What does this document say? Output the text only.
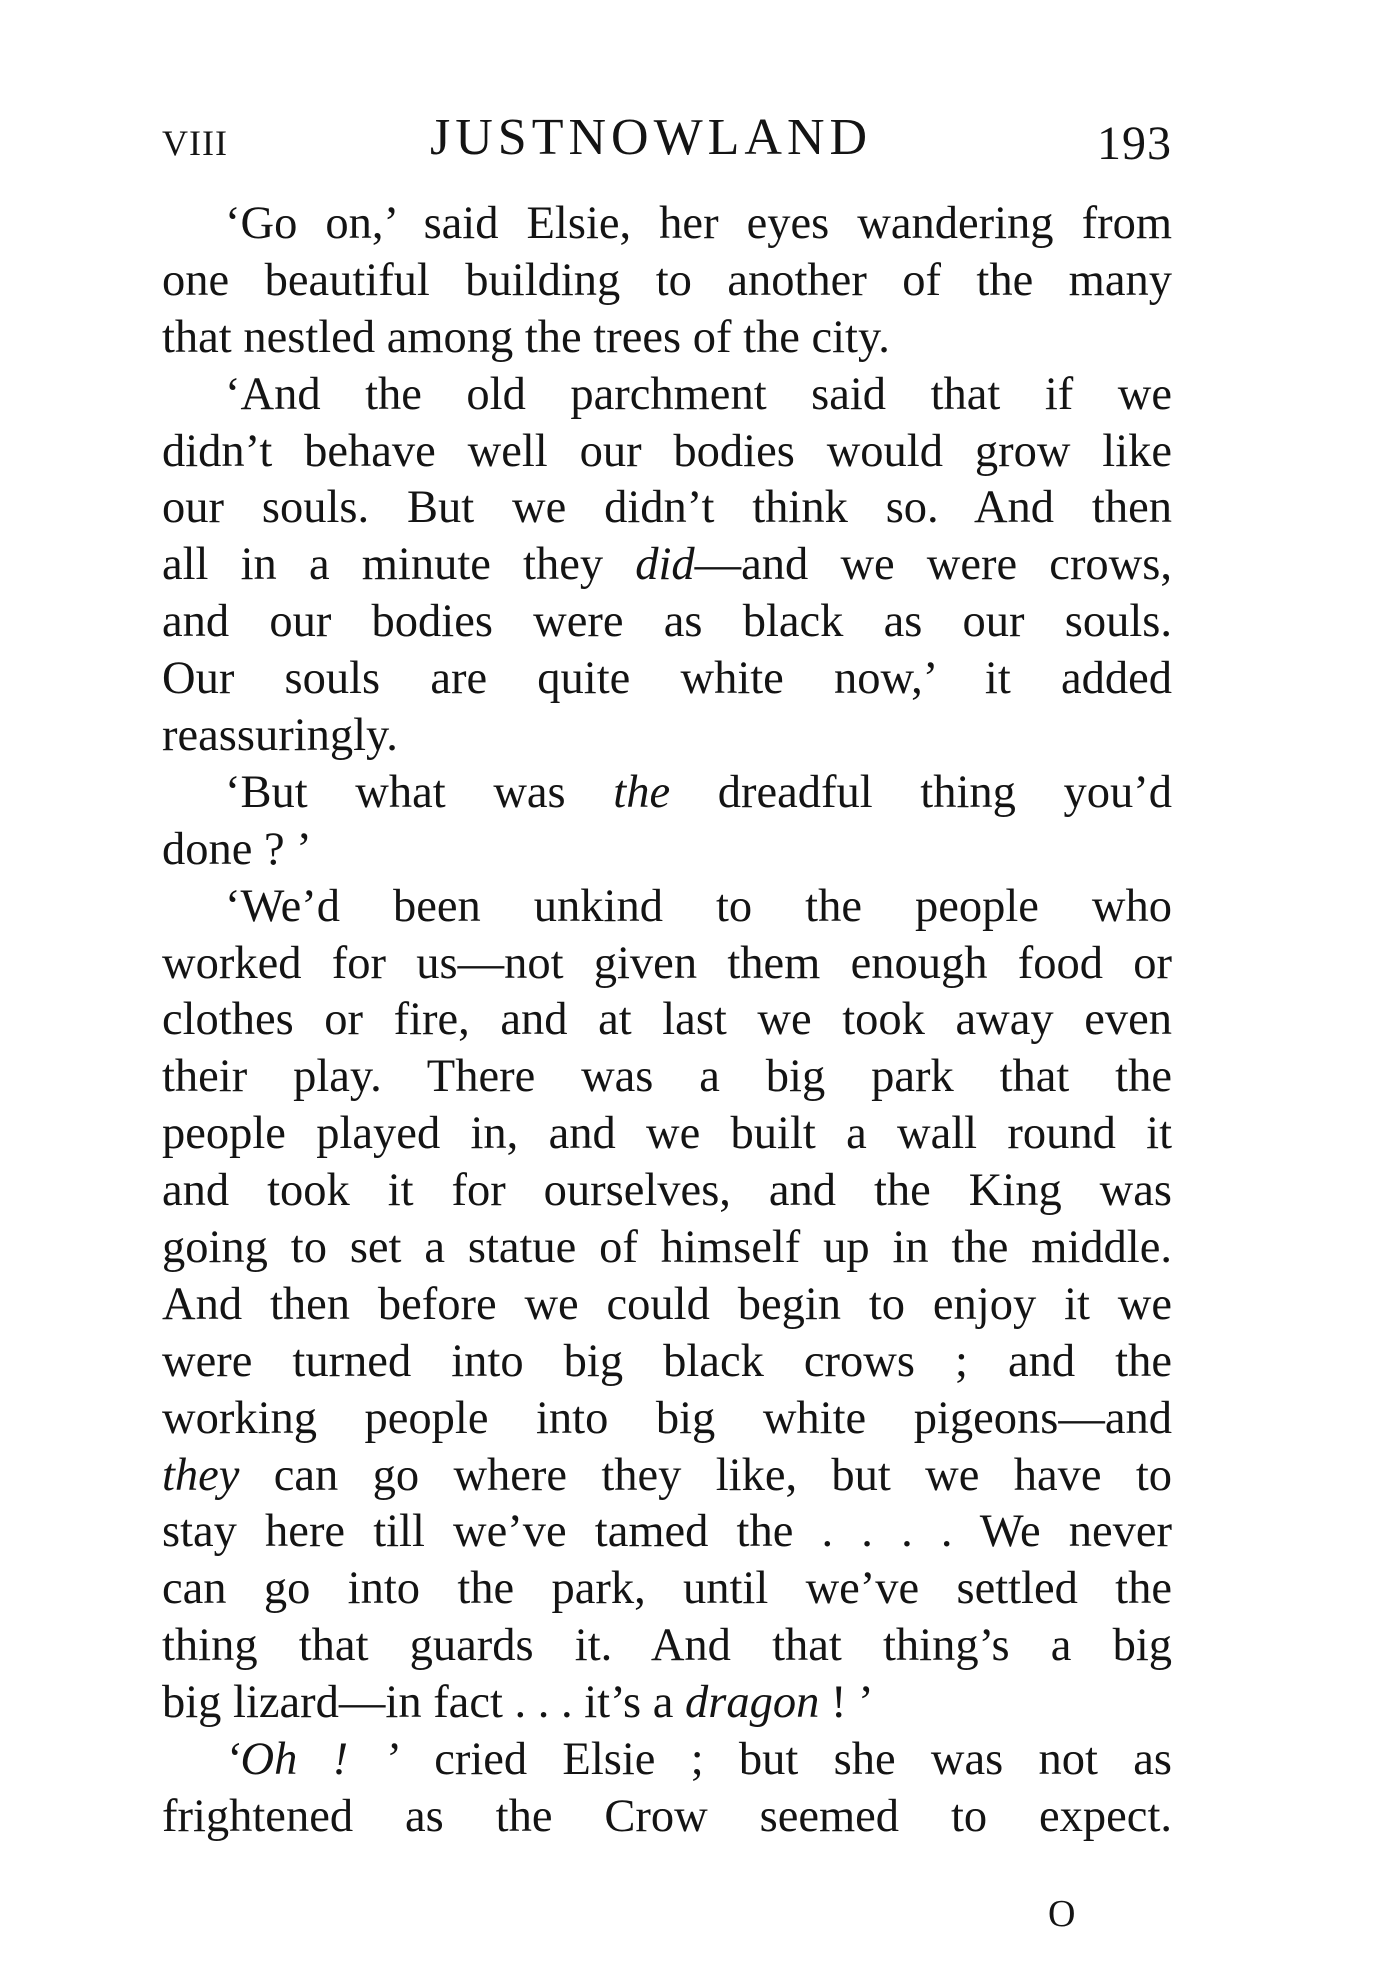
VIII	JUSTNOWLAND	193
‘Go on,’ said Elsie, her eyes wandering from
one beautiful building to another of the many
that nestled among the trees of the city.
‘And the old parchment said that if we
didn’t behave well our bodies would grow like
our souls. But we didn’t think so. And then
all in a minute they did—and we were crows,
and our bodies were as black as our souls.
Our souls are quite white now,’ it added
reassuringly.
‘But what was the dreadful thing you’d
done ? ’
‘We’d been unkind to the people who
worked for us—not given them enough food or
clothes or fire, and at last we took away even
their play. There was a big park that the
people played in, and we built a wall round it
and took it for ourselves, and the King was
going to set a statue of himself up in the middle.
And then before we could begin to enjoy it we
were turned into big black crows ; and the
working people into big white pigeons—and
they can go where they like, but we have to
stay here till we’ve tamed the . . . . We never
can go into the park, until we’ve settled the
thing that guards it. And that thing’s a big
big lizard—in fact . . . it’s a dragon ! ’
‘Oh ! ’ cried Elsie ; but she was not as
frightened as the Crow seemed to expect.
O
